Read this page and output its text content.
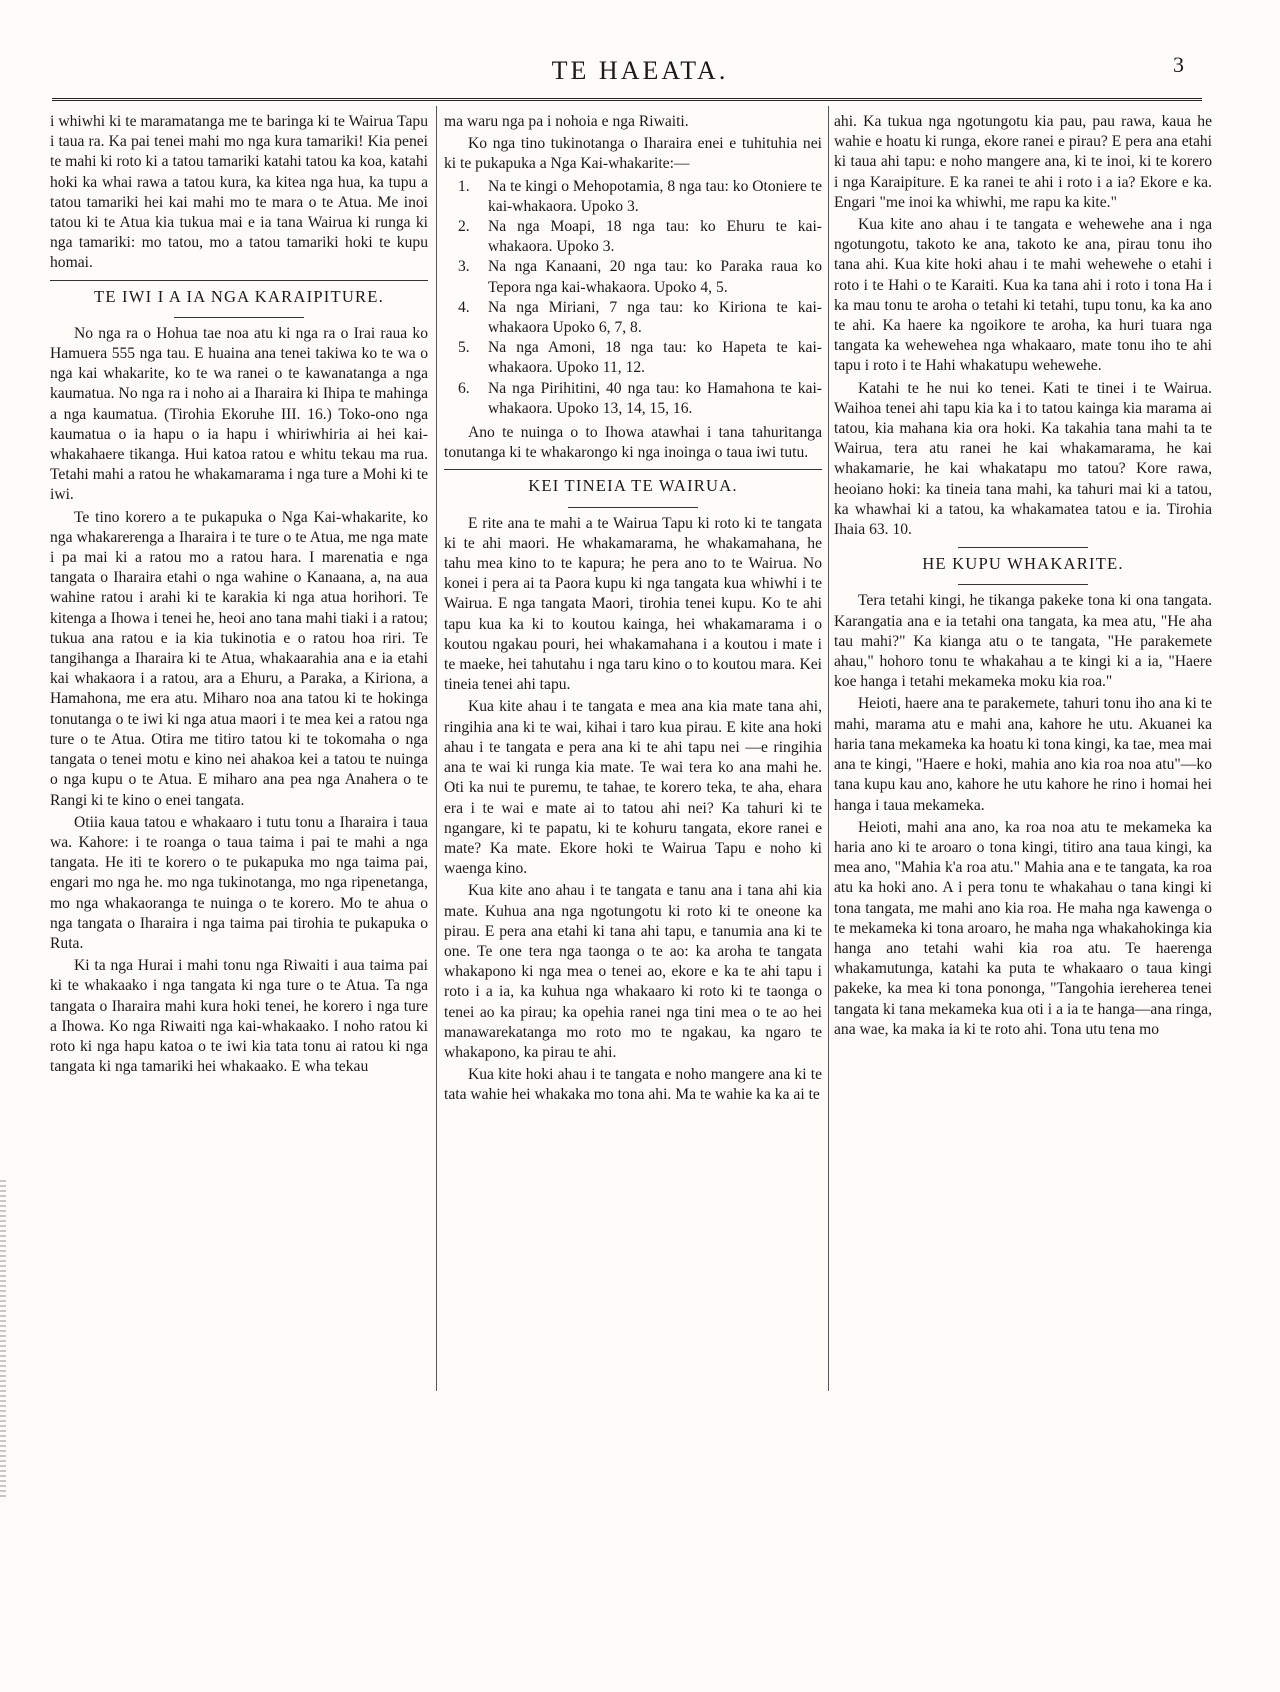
TE HAEATA.	3

i whiwhi ki te maramatanga me te baringa ki te Wairua Tapu i taua ra. Ka pai tenei mahi mo nga kura tamariki! Kia penei te mahi ki roto ki a tatou tamariki katahi tatou ka koa, katahi hoki ka whai rawa a tatou kura, ka kitea nga hua, ka tupu a tatou tamariki hei kai mahi mo te mara o te Atua. Me inoi tatou ki te Atua kia tukua mai e ia tana Wairua ki runga ki nga tamariki: mo tatou, mo a tatou tamariki hoki te kupu homai.

TE IWI I A IA NGA KARAIPITURE.

No nga ra o Hohua tae noa atu ki nga ra o Irai raua ko Hamuera 555 nga tau. E huaina ana tenei takiwa ko te wa o nga kai whakarite, ko te wa ranei o te kawanatanga a nga kaumatua. No nga ra i noho ai a Iharaira ki Ihipa te mahinga a nga kaumatua. (Tirohia Ekoruhe III. 16.) Toko-ono nga kaumatua o ia hapu o ia hapu i whiriwhiria ai hei kai-whakahaere tikanga. Hui katoa ratou e whitu tekau ma rua. Tetahi mahi a ratou he whakamarama i nga ture a Mohi ki te iwi.

Te tino korero a te pukapuka o Nga Kai-whakarite, ko nga whakarerenga a Iharaira i te ture o te Atua, me nga mate i pa mai ki a ratou mo a ratou hara. I marenatia e nga tangata o Iharaira etahi o nga wahine o Kanaana, a, na aua wahine ratou i arahi ki te karakia ki nga atua horihori. Te kitenga a Ihowa i tenei he, heoi ano tana mahi tiaki i a ratou; tukua ana ratou e ia kia tukinotia e o ratou hoa riri. Te tangihanga a Iharaira ki te Atua, whakaarahia ana e ia etahi kai whakaora i a ratou, ara a Ehuru, a Paraka, a Kiriona, a Hamahona, me era atu. Miharo noa ana tatou ki te hokinga tonutanga o te iwi ki nga atua maori i te mea kei a ratou nga ture o te Atua. Otira me titiro tatou ki te tokomaha o nga tangata o tenei motu e kino nei ahakoa kei a tatou te nuinga o nga kupu o te Atua. E miharo ana pea nga Anahera o te Rangi ki te kino o enei tangata.

Otiia kaua tatou e whakaaro i tutu tonu a Iharaira i taua wa. Kahore: i te roanga o taua taima i pai te mahi a nga tangata. He iti te korero o te pukapuka mo nga taima pai, engari mo nga he. mo nga tukinotanga, mo nga ripenetanga, mo nga whakaoranga te nuinga o te korero. Mo te ahua o nga tangata o Iharaira i nga taima pai tirohia te pukapuka o Ruta.

Ki ta nga Hurai i mahi tonu nga Riwaiti i aua taima pai ki te whakaako i nga tangata ki nga ture o te Atua. Ta nga tangata o Iharaira mahi kura hoki tenei, he korero i nga ture a Ihowa. Ko nga Riwaiti nga kai-whakaako. I noho ratou ki roto ki nga hapu katoa o te iwi kia tata tonu ai ratou ki nga tangata ki nga tamariki hei whakaako. E wha tekau

ma waru nga pa i nohoia e nga Riwaiti.

Ko nga tino tukinotanga o Iharaira enei e tuhituhia nei ki te pukapuka a Nga Kai-whakarite:—

1. Na te kingi o Mehopotamia, 8 nga tau: ko Otoniere te kai-whakaora. Upoko 3.
2. Na nga Moapi, 18 nga tau: ko Ehuru te kai-whakaora. Upoko 3.
3. Na nga Kanaani, 20 nga tau: ko Paraka raua ko Tepora nga kai-whakaora. Upoko 4, 5.
4. Na nga Miriani, 7 nga tau: ko Kiriona te kai-whakaora Upoko 6, 7, 8.
5. Na nga Amoni, 18 nga tau: ko Hapeta te kai-whakaora. Upoko 11, 12.
6. Na nga Pirihitini, 40 nga tau: ko Hamahona te kai-whakaora. Upoko 13, 14, 15, 16.

Ano te nuinga o to Ihowa atawhai i tana tahuritanga tonutanga ki te whakarongo ki nga inoinga o taua iwi tutu.

KEI TINEIA TE WAIRUA.

E rite ana te mahi a te Wairua Tapu ki roto ki te tangata ki te ahi maori. He whakamarama, he whakamahana, he tahu mea kino to te kapura; he pera ano to te Wairua. No konei i pera ai ta Paora kupu ki nga tangata kua whiwhi i te Wairua. E nga tangata Maori, tirohia tenei kupu. Ko te ahi tapu kua ka ki to koutou kainga, hei whakamarama i o koutou ngakau pouri, hei whakamahana i a koutou i mate i te maeke, hei tahutahu i nga taru kino o to koutou mara. Kei tineia tenei ahi tapu.

Kua kite ahau i te tangata e mea ana kia mate tana ahi, ringihia ana ki te wai, kihai i taro kua pirau. E kite ana hoki ahau i te tangata e pera ana ki te ahi tapu nei —e ringihia ana te wai ki runga kia mate. Te wai tera ko ana mahi he. Oti ka nui te puremu, te tahae, te korero teka, te aha, ehara era i te wai e mate ai to tatou ahi nei? Ka tahuri ki te ngangare, ki te papatu, ki te kohuru tangata, ekore ranei e mate? Ka mate. Ekore hoki te Wairua Tapu e noho ki waenga kino.

Kua kite ano ahau i te tangata e tanu ana i tana ahi kia mate. Kuhua ana nga ngotungotu ki roto ki te oneone ka pirau. E pera ana etahi ki tana ahi tapu, e tanumia ana ki te one. Te one tera nga taonga o te ao: ka aroha te tangata whakapono ki nga mea o tenei ao, ekore e ka te ahi tapu i roto i a ia, ka kuhua nga whakaaro ki roto ki te taonga o tenei ao ka pirau; ka opehia ranei nga tini mea o te ao hei manawarekatanga mo roto mo te ngakau, ka ngaro te whakapono, ka pirau te ahi.

Kua kite hoki ahau i te tangata e noho mangere ana ki te tata wahie hei whakaka mo tona ahi. Ma te wahie ka ka ai te

ahi. Ka tukua nga ngotungotu kia pau, pau rawa, kaua he wahie e hoatu ki runga, ekore ranei e pirau? E pera ana etahi ki taua ahi tapu: e noho mangere ana, ki te inoi, ki te korero i nga Karaipiture. E ka ranei te ahi i roto i a ia? Ekore e ka. Engari "me inoi ka whiwhi, me rapu ka kite."

Kua kite ano ahau i te tangata e wehewehe ana i nga ngotungotu, takoto ke ana, takoto ke ana, pirau tonu iho tana ahi. Kua kite hoki ahau i te mahi wehewehe o etahi i roto i te Hahi o te Karaiti. Kua ka tana ahi i roto i tona Ha i ka mau tonu te aroha o tetahi ki tetahi, tupu tonu, ka ka ano te ahi. Ka haere ka ngoikore te aroha, ka huri tuara nga tangata ka wehewehea nga whakaaro, mate tonu iho te ahi tapu i roto i te Hahi whakatupu wehewehe.

Katahi te he nui ko tenei. Kati te tinei i te Wairua. Waihoa tenei ahi tapu kia ka i to tatou kainga kia marama ai tatou, kia mahana kia ora hoki. Ka takahia tana mahi ta te Wairua, tera atu ranei he kai whakamarama, he kai whakamarie, he kai whakatapu mo tatou? Kore rawa, heoiano hoki: ka tineia tana mahi, ka tahuri mai ki a tatou, ka whawhai ki a tatou, ka whakamatea tatou e ia. Tirohia Ihaia 63. 10.

HE KUPU WHAKARITE.

Tera tetahi kingi, he tikanga pakeke tona ki ona tangata. Karangatia ana e ia tetahi ona tangata, ka mea atu, "He aha tau mahi?" Ka kianga atu o te tangata, "He parakemete ahau," hohoro tonu te whakahau a te kingi ki a ia, "Haere koe hanga i tetahi mekameka moku kia roa."

Heioti, haere ana te parakemete, tahuri tonu iho ana ki te mahi, marama atu e mahi ana, kahore he utu. Akuanei ka haria tana mekameka ka hoatu ki tona kingi, ka tae, mea mai ana te kingi, "Haere e hoki, mahia ano kia roa noa atu"—ko tana kupu kau ano, kahore he utu kahore he rino i homai hei hanga i taua mekameka.

Heioti, mahi ana ano, ka roa noa atu te mekameka ka haria ano ki te aroaro o tona kingi, titiro ana taua kingi, ka mea ano, "Mahia k'a roa atu." Mahia ana e te tangata, ka roa atu ka hoki ano. A i pera tonu te whakahau o tana kingi ki tona tangata, me mahi ano kia roa. He maha nga kawenga o te mekameka ki tona aroaro, he maha nga whakahokinga kia hanga ano tetahi wahi kia roa atu. Te haerenga whakamutunga, katahi ka puta te whakaaro o taua kingi pakeke, ka mea ki tona pononga, "Tangohia iereherea tenei tangata ki tana mekameka kua oti i a ia te hanga—ana ringa, ana wae, ka maka ia ki te roto ahi. Tona utu tena mo
